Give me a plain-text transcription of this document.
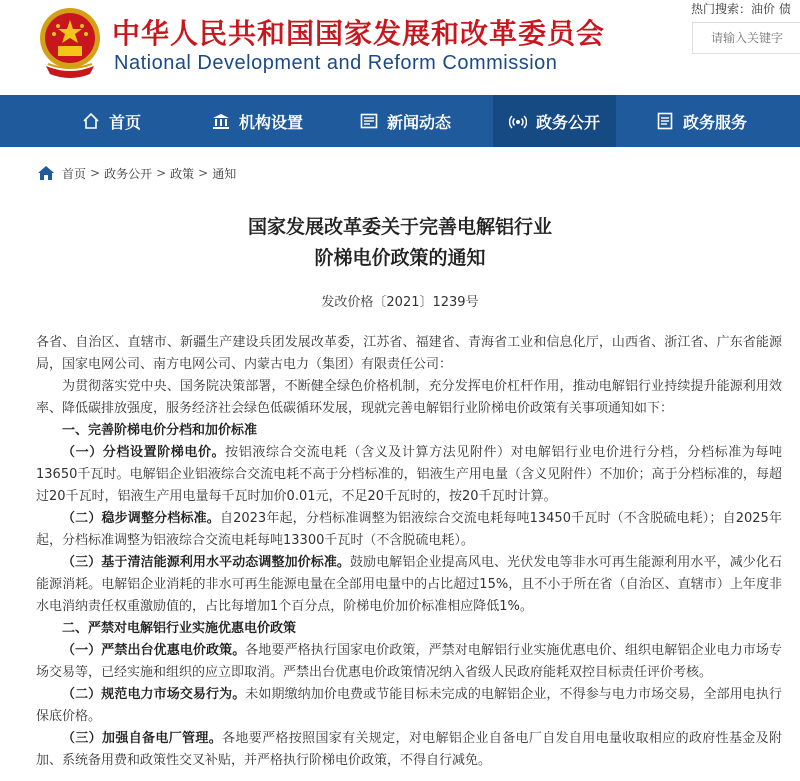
中华人民共和国国家发展和改革委员会
National Development and Reform Commission
热门搜索：油价 债
请输入关键字
首页	机构设置	新闻动态	政务公开	政务服务
首页 > 政务公开 > 政策 > 通知
国家发展改革委关于完善电解铝行业
阶梯电价政策的通知
发改价格〔2021〕1239号

各省、自治区、直辖市、新疆生产建设兵团发展改革委，江苏省、福建省、青海省工业和信息化厅，山西省、浙江省、广东省能源局，国家电网公司、南方电网公司、内蒙古电力（集团）有限责任公司：

为贯彻落实党中央、国务院决策部署，不断健全绿色价格机制，充分发挥电价杠杆作用，推动电解铝行业持续提升能源利用效率、降低碳排放强度，服务经济社会绿色低碳循环发展，现就完善电解铝行业阶梯电价政策有关事项通知如下：

一、完善阶梯电价分档和加价标准

（一）分档设置阶梯电价。按铝液综合交流电耗（含义及计算方法见附件）对电解铝行业电价进行分档，分档标准为每吨13650千瓦时。电解铝企业铝液综合交流电耗不高于分档标准的，铝液生产用电量（含义见附件）不加价；高于分档标准的，每超过20千瓦时，铝液生产用电量每千瓦时加价0.01元，不足20千瓦时的，按20千瓦时计算。

（二）稳步调整分档标准。自2023年起，分档标准调整为铝液综合交流电耗每吨13450千瓦时（不含脱硫电耗）；自2025年起，分档标准调整为铝液综合交流电耗每吨13300千瓦时（不含脱硫电耗）。

（三）基于清洁能源利用水平动态调整加价标准。鼓励电解铝企业提高风电、光伏发电等非水可再生能源利用水平，减少化石能源消耗。电解铝企业消耗的非水可再生能源电量在全部用电量中的占比超过15%，且不小于所在省（自治区、直辖市）上年度非水电消纳责任权重激励值的，占比每增加1个百分点，阶梯电价加价标准相应降低1%。

二、严禁对电解铝行业实施优惠电价政策

（一）严禁出台优惠电价政策。各地要严格执行国家电价政策，严禁对电解铝行业实施优惠电价、组织电解铝企业电力市场专场交易等，已经实施和组织的应立即取消。严禁出台优惠电价政策情况纳入省级人民政府能耗双控目标责任评价考核。

（二）规范电力市场交易行为。未如期缴纳加价电费或节能目标未完成的电解铝企业，不得参与电力市场交易，全部用电执行保底价格。

（三）加强自备电厂管理。各地要严格按照国家有关规定，对电解铝企业自备电厂自发自用电量收取相应的政府性基金及附加、系统备用费和政策性交叉补贴，并严格执行阶梯电价政策，不得自行减免。
